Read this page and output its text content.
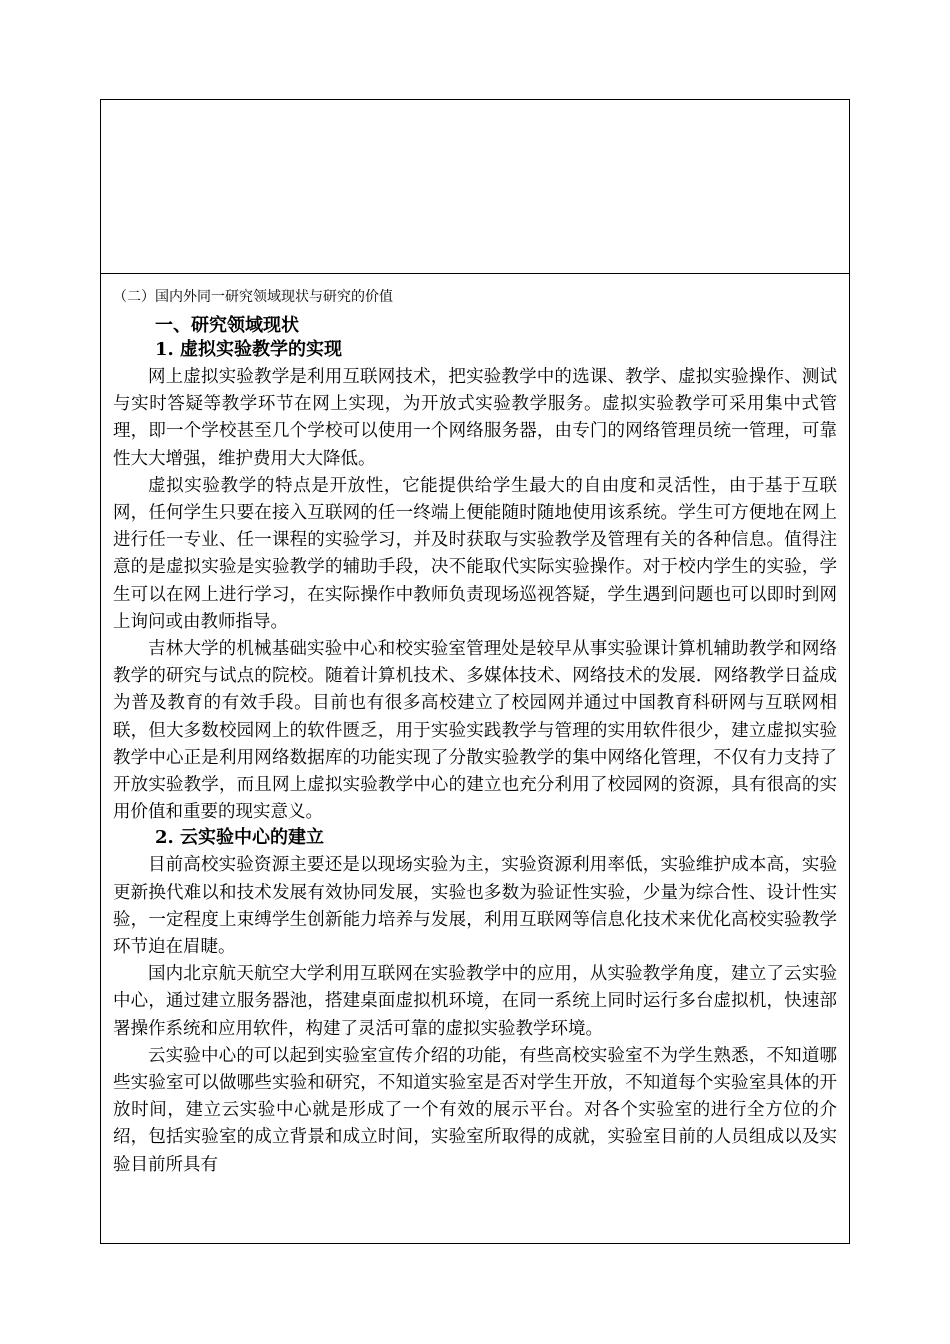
（二）国内外同一研究领域现状与研究的价值

一、研究领域现状

1. 虚拟实验教学的实现

网上虚拟实验教学是利用互联网技术，把实验教学中的选课、教学、虚拟实验操作、测试与实时答疑等教学环节在网上实现，为开放式实验教学服务。虚拟实验教学可采用集中式管理，即一个学校甚至几个学校可以使用一个网络服务器，由专门的网络管理员统一管理，可靠性大大增强，维护费用大大降低。

虚拟实验教学的特点是开放性，它能提供给学生最大的自由度和灵活性，由于基于互联网，任何学生只要在接入互联网的任一终端上便能随时随地使用该系统。学生可方便地在网上进行任一专业、任一课程的实验学习，并及时获取与实验教学及管理有关的各种信息。值得注意的是虚拟实验是实验教学的辅助手段，决不能取代实际实验操作。对于校内学生的实验，学生可以在网上进行学习，在实际操作中教师负责现场巡视答疑，学生遇到问题也可以即时到网上询问或由教师指导。

吉林大学的机械基础实验中心和校实验室管理处是较早从事实验课计算机辅助教学和网络教学的研究与试点的院校。随着计算机技术、多媒体技术、网络技术的发展．网络教学日益成为普及教育的有效手段。目前也有很多高校建立了校园网并通过中国教育科研网与互联网相联，但大多数校园网上的软件匮乏，用于实验实践教学与管理的实用软件很少，建立虚拟实验教学中心正是利用网络数据库的功能实现了分散实验教学的集中网络化管理，不仅有力支持了开放实验教学，而且网上虚拟实验教学中心的建立也充分利用了校园网的资源，具有很高的实用价值和重要的现实意义。

2. 云实验中心的建立

目前高校实验资源主要还是以现场实验为主，实验资源利用率低，实验维护成本高，实验更新换代难以和技术发展有效协同发展，实验也多数为验证性实验，少量为综合性、设计性实验，一定程度上束缚学生创新能力培养与发展，利用互联网等信息化技术来优化高校实验教学环节迫在眉睫。

国内北京航天航空大学利用互联网在实验教学中的应用，从实验教学角度，建立了云实验中心，通过建立服务器池，搭建桌面虚拟机环境，在同一系统上同时运行多台虚拟机，快速部署操作系统和应用软件，构建了灵活可靠的虚拟实验教学环境。

云实验中心的可以起到实验室宣传介绍的功能，有些高校实验室不为学生熟悉，不知道哪些实验室可以做哪些实验和研究，不知道实验室是否对学生开放，不知道每个实验室具体的开放时间，建立云实验中心就是形成了一个有效的展示平台。对各个实验室的进行全方位的介绍，包括实验室的成立背景和成立时间，实验室所取得的成就，实验室目前的人员组成以及实验目前所具有
